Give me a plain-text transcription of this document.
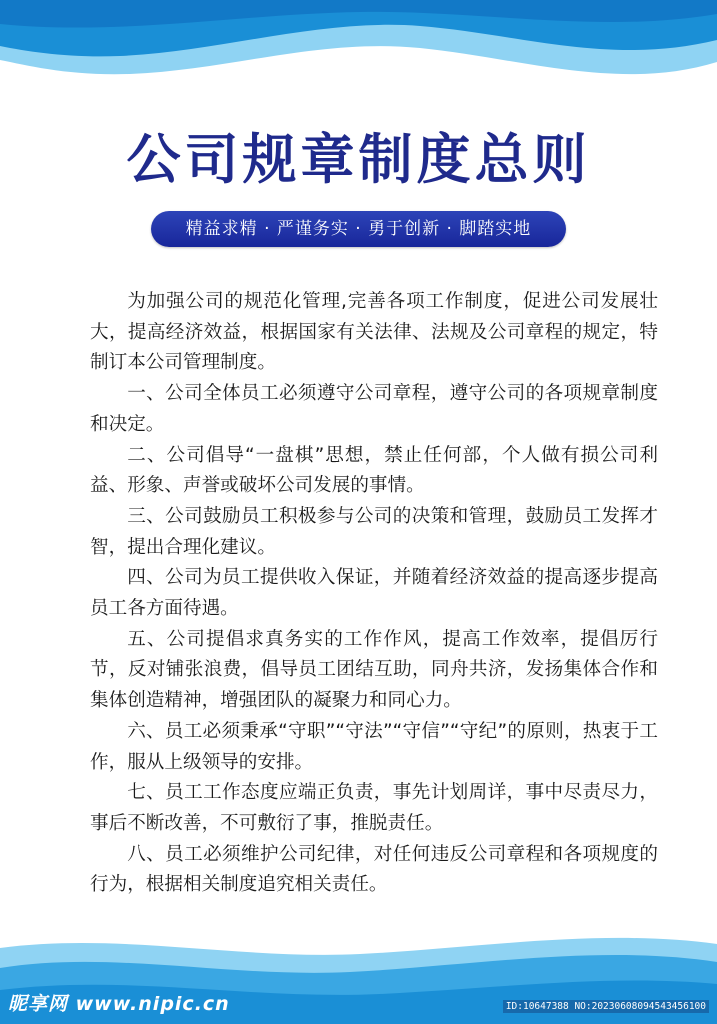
公司规章制度总则
精益求精 · 严谨务实 · 勇于创新 · 脚踏实地

为加强公司的规范化管理,完善各项工作制度，促进公司发展壮大，提高经济效益，根据国家有关法律、法规及公司章程的规定，特制订本公司管理制度。

一、公司全体员工必须遵守公司章程，遵守公司的各项规章制度和决定。

二、公司倡导“一盘棋”思想，禁止任何部，个人做有损公司利益、形象、声誉或破坏公司发展的事情。

三、公司鼓励员工积极参与公司的决策和管理，鼓励员工发挥才智，提出合理化建议。

四、公司为员工提供收入保证，并随着经济效益的提高逐步提高员工各方面待遇。

五、公司提倡求真务实的工作作风，提高工作效率，提倡厉行节，反对铺张浪费，倡导员工团结互助，同舟共济，发扬集体合作和集体创造精神，增强团队的凝聚力和同心力。

六、员工必须秉承“守职”“守法”“守信”“守纪”的原则，热衷于工作，服从上级领导的安排。

七、员工工作态度应端正负责，事先计划周详，事中尽责尽力，事后不断改善，不可敷衍了事，推脱责任。

八、员工必须维护公司纪律，对任何违反公司章程和各项规度的行为，根据相关制度追究相关责任。

昵享网 www.nipic.cn	ID:10647388 NO:20230608094543456100
